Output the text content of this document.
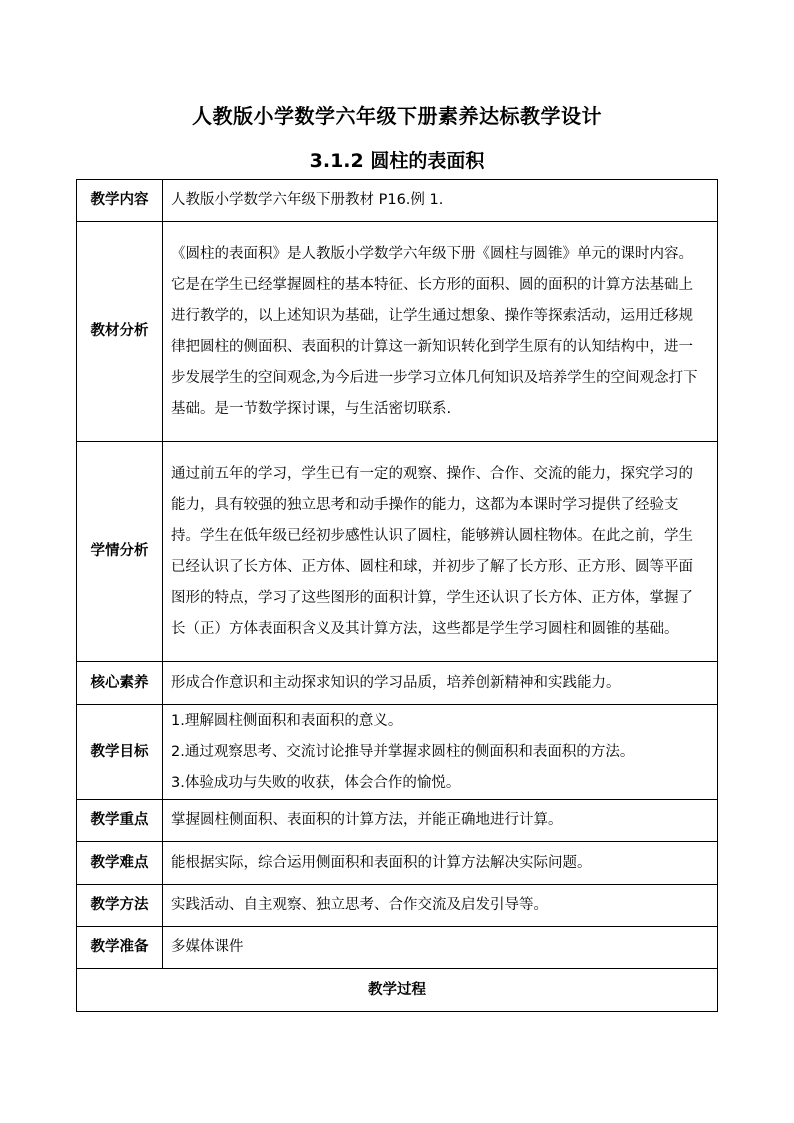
人教版小学数学六年级下册素养达标教学设计
3.1.2 圆柱的表面积
教学内容	人教版小学数学六年级下册教材 P16.例 1.

教材分析	《圆柱的表面积》是人教版小学数学六年级下册《圆柱与圆锥》单元的课时内容。它是在学生已经掌握圆柱的基本特征、长方形的面积、圆的面积的计算方法基础上进行教学的，以上述知识为基础，让学生通过想象、操作等探索活动，运用迁移规律把圆柱的侧面积、表面积的计算这一新知识转化到学生原有的认知结构中，进一步发展学生的空间观念,为今后进一步学习立体几何知识及培养学生的空间观念打下基础。是一节数学探讨课，与生活密切联系.

学情分析	通过前五年的学习，学生已有一定的观察、操作、合作、交流的能力，探究学习的能力，具有较强的独立思考和动手操作的能力，这都为本课时学习提供了经验支持。学生在低年级已经初步感性认识了圆柱，能够辨认圆柱物体。在此之前，学生已经认识了长方体、正方体、圆柱和球，并初步了解了长方形、正方形、圆等平面图形的特点，学习了这些图形的面积计算，学生还认识了长方体、正方体，掌握了长（正）方体表面积含义及其计算方法，这些都是学生学习圆柱和圆锥的基础。

核心素养	形成合作意识和主动探求知识的学习品质，培养创新精神和实践能力。

教学目标	1.理解圆柱侧面积和表面积的意义。

2.通过观察思考、交流讨论推导并掌握求圆柱的侧面积和表面积的方法。

3.体验成功与失败的收获，体会合作的愉悦。

教学重点	掌握圆柱侧面积、表面积的计算方法，并能正确地进行计算。

教学难点	能根据实际，综合运用侧面积和表面积的计算方法解决实际问题。

教学方法	实践活动、自主观察、独立思考、合作交流及启发引导等。

教学准备	多媒体课件

教学过程	
